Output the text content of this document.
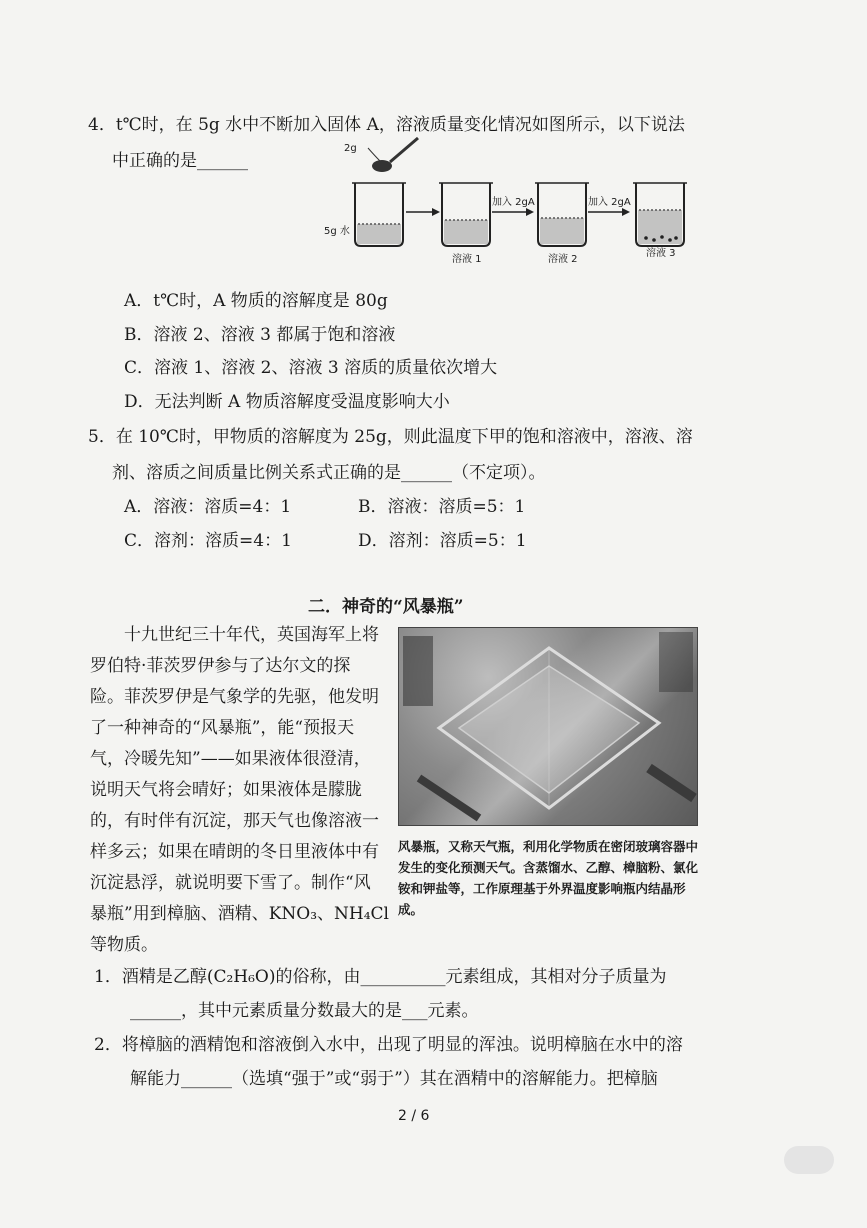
4．t℃时，在 5g 水中不断加入固体 A，溶液质量变化情况如图所示，以下说法
中正确的是______
2g
5g 水
加入 2gA	加入 2gA
溶液 1	溶液 2
溶液 3
A．t℃时，A 物质的溶解度是 80g
B．溶液 2、溶液 3 都属于饱和溶液
C．溶液 1、溶液 2、溶液 3 溶质的质量依次增大
D．无法判断 A 物质溶解度受温度影响大小
5．在 10℃时，甲物质的溶解度为 25g，则此温度下甲的饱和溶液中，溶液、溶
剂、溶质之间质量比例关系式正确的是______（不定项）。
A．溶液：溶质=4：1	B．溶液：溶质=5：1
C．溶剂：溶质=4：1	D．溶剂：溶质=5：1
二．神奇的“风暴瓶”
十九世纪三十年代，英国海军上将
罗伯特·菲茨罗伊参与了达尔文的探
险。菲茨罗伊是气象学的先驱，他发明
了一种神奇的“风暴瓶”，能“预报天
气，冷暖先知”——如果液体很澄清，
说明天气将会晴好；如果液体是朦胧
的，有时伴有沉淀，那天气也像溶液一
样多云；如果在晴朗的冬日里液体中有
沉淀悬浮，就说明要下雪了。制作“风
暴瓶”用到樟脑、酒精、KNO₃、NH₄Cl
等物质。
风暴瓶，又称天气瓶，利用化学物质在密闭玻璃容器中
发生的变化预测天气。含蒸馏水、乙醇、樟脑粉、氯化
铵和钾盐等，工作原理基于外界温度影响瓶内结晶形
成。
1．酒精是乙醇(C₂H₆O)的俗称，由__________元素组成，其相对分子质量为
______，其中元素质量分数最大的是___元素。
2．将樟脑的酒精饱和溶液倒入水中，出现了明显的浑浊。说明樟脑在水中的溶
解能力______（选填“强于”或“弱于”）其在酒精中的溶解能力。把樟脑
2 / 6
